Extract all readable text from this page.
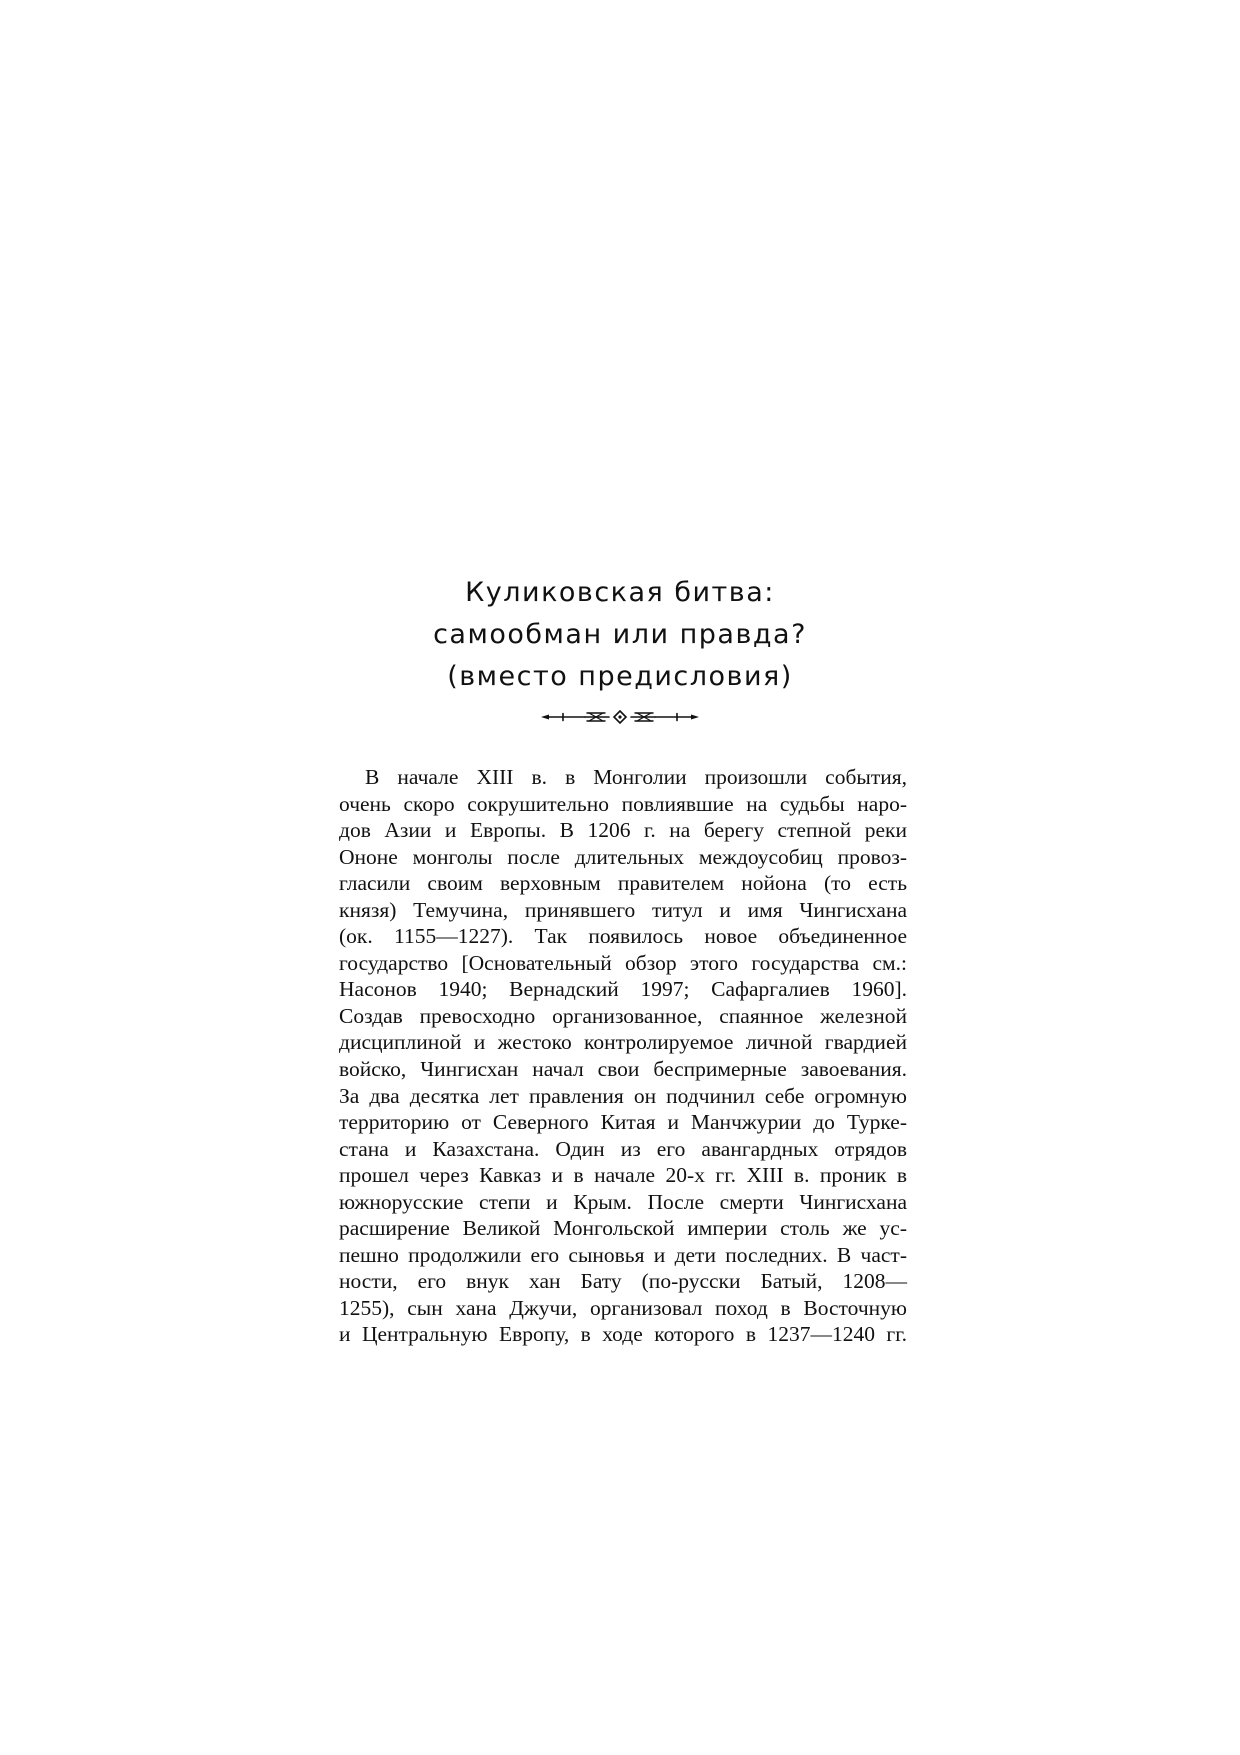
Куликовская битва:
самообман или правда?
(вместо предисловия)
В начале XIII в. в Монголии произошли события,
очень скоро сокрушительно повлиявшие на судьбы наро-
дов Азии и Европы. В 1206 г. на берегу степной реки
Ононе монголы после длительных междоусобиц провоз-
гласили своим верховным правителем нойона (то есть
князя) Темучина, принявшего титул и имя Чингисхана
(ок. 1155—1227). Так появилось новое объединенное
государство [Основательный обзор этого государства см.:
Насонов 1940; Вернадский 1997; Сафаргалиев 1960].
Создав превосходно организованное, спаянное железной
дисциплиной и жестоко контролируемое личной гвардией
войско, Чингисхан начал свои беспримерные завоевания.
За два десятка лет правления он подчинил себе огромную
территорию от Северного Китая и Манчжурии до Турке-
стана и Казахстана. Один из его авангардных отрядов
прошел через Кавказ и в начале 20-х гг. XIII в. проник в
южнорусские степи и Крым. После смерти Чингисхана
расширение Великой Монгольской империи столь же ус-
пешно продолжили его сыновья и дети последних. В част-
ности, его внук хан Бату (по-русски Батый, 1208—
1255), сын хана Джучи, организовал поход в Восточную
и Центральную Европу, в ходе которого в 1237—1240 гг.
